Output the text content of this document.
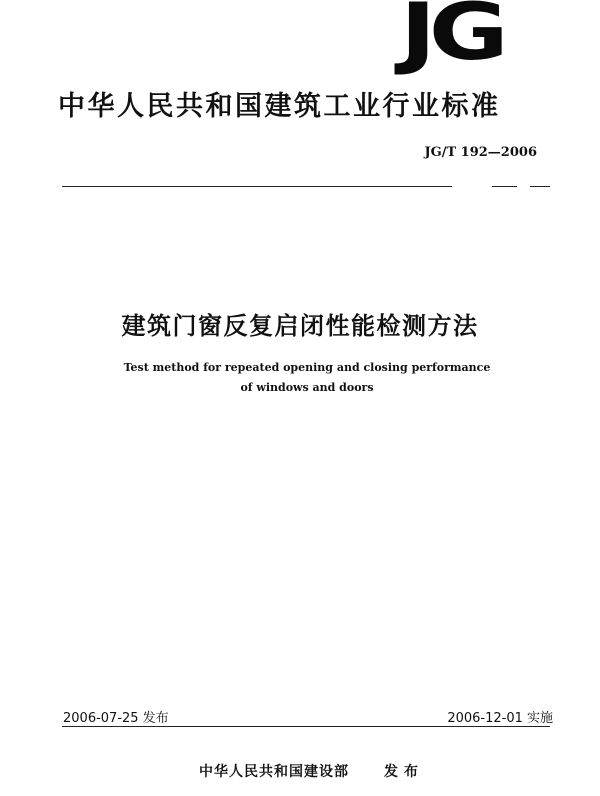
JG
中华人民共和国建筑工业行业标准
JG/T 192—2006
建筑门窗反复启闭性能检测方法
Test method for repeated opening and closing performance
of windows and doors
2006-07-25 发布	2006-12-01 实施
中华人民共和国建设部	发布
